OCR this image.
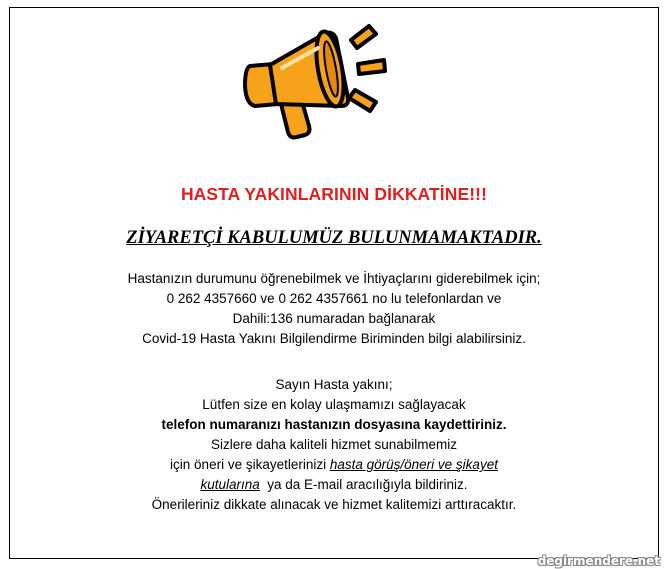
HASTA YAKINLARININ DİKKATİNE!!!
ZİYARETÇİ KABULUMÜZ BULUNMAMAKTADIR.
Hastanızın durumunu öğrenebilmek ve İhtiyaçlarını giderebilmek için;
0 262 4357660 ve 0 262 4357661 no lu telefonlardan ve
Dahili:136 numaradan bağlanarak
Covid-19 Hasta Yakını Bilgilendirme Biriminden bilgi alabilirsiniz.
Sayın Hasta yakını;
Lütfen size en kolay ulaşmamızı sağlayacak
telefon numaranızı hastanızın dosyasına kaydettiriniz.
Sizlere daha kaliteli hizmet sunabilmemiz
için öneri ve şikayetlerinizi hasta görüş/öneri ve şikayet
kutularına  ya da E-mail aracılığıyla bildiriniz.
Önerileriniz dikkate alınacak ve hizmet kalitemizi arttıracaktır.
degirmendere.net
